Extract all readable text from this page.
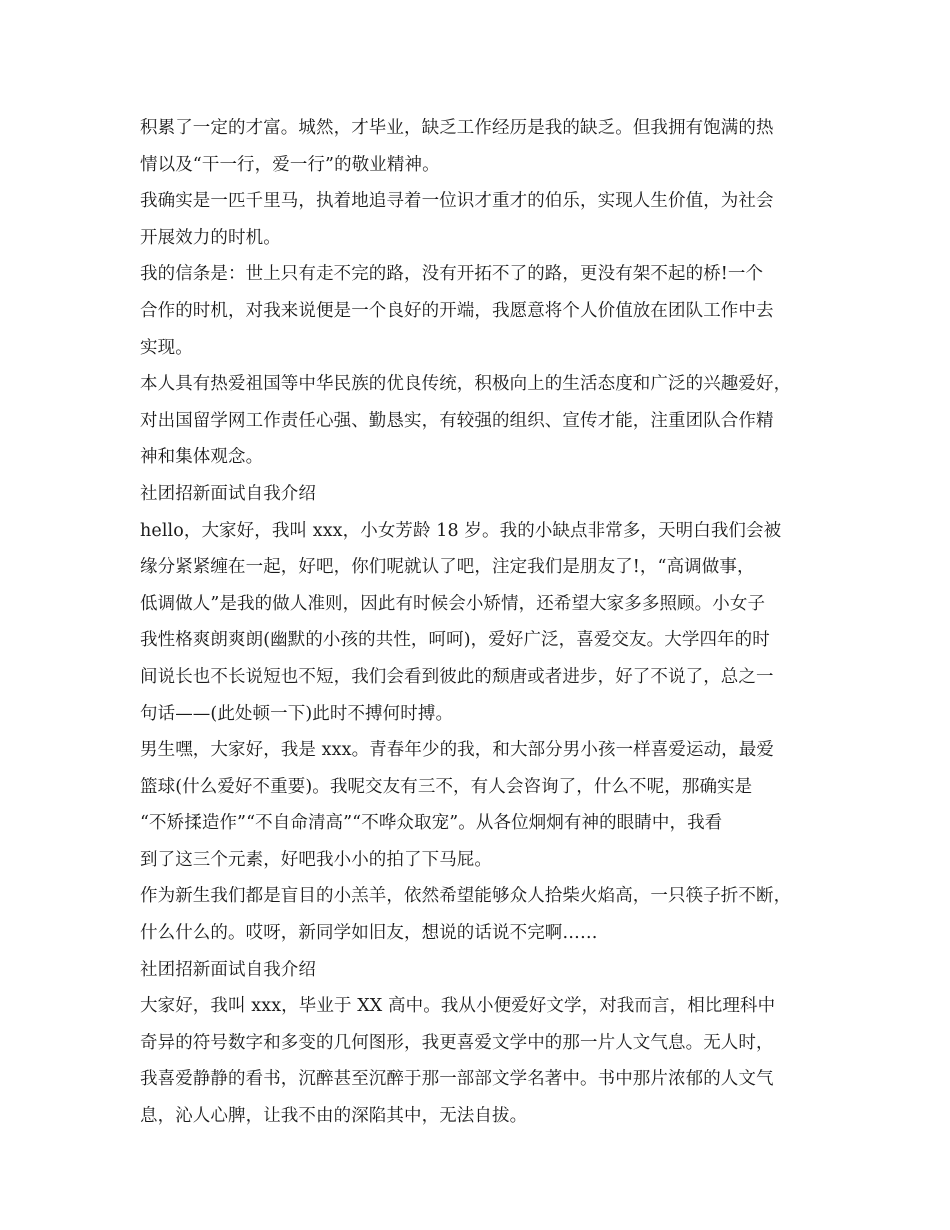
积累了一定的才富。城然，才毕业，缺乏工作经历是我的缺乏。但我拥有饱满的热
情以及“干一行，爱一行”的敬业精神。
我确实是一匹千里马，执着地追寻着一位识才重才的伯乐，实现人生价值，为社会
开展效力的时机。
我的信条是：世上只有走不完的路，没有开拓不了的路，更没有架不起的桥!一个
合作的时机，对我来说便是一个良好的开端，我愿意将个人价值放在团队工作中去
实现。
本人具有热爱祖国等中华民族的优良传统，积极向上的生活态度和广泛的兴趣爱好，
对出国留学网工作责任心强、勤恳实，有较强的组织、宣传才能，注重团队合作精
神和集体观念。
社团招新面试自我介绍
hello，大家好，我叫 xxx，小女芳龄 18 岁。我的小缺点非常多，天明白我们会被
缘分紧紧缠在一起，好吧，你们呢就认了吧，注定我们是朋友了!，“高调做事，
低调做人”是我的做人准则，因此有时候会小矫情，还希望大家多多照顾。小女子
我性格爽朗爽朗(幽默的小孩的共性，呵呵)，爱好广泛，喜爱交友。大学四年的时
间说长也不长说短也不短，我们会看到彼此的颓唐或者进步，好了不说了，总之一
句话——(此处顿一下)此时不搏何时搏。
男生嘿，大家好，我是 xxx。青春年少的我，和大部分男小孩一样喜爱运动，最爱
篮球(什么爱好不重要)。我呢交友有三不，有人会咨询了，什么不呢，那确实是
“不矫揉造作”“不自命清高”“不哗众取宠”。从各位炯炯有神的眼睛中，我看
到了这三个元素，好吧我小小的拍了下马屁。
作为新生我们都是盲目的小羔羊，依然希望能够众人拾柴火焰高，一只筷子折不断，
什么什么的。哎呀，新同学如旧友，想说的话说不完啊……
社团招新面试自我介绍
大家好，我叫 xxx，毕业于 XX 高中。我从小便爱好文学，对我而言，相比理科中
奇异的符号数字和多变的几何图形，我更喜爱文学中的那一片人文气息。无人时，
我喜爱静静的看书，沉醉甚至沉醉于那一部部文学名著中。书中那片浓郁的人文气
息，沁人心脾，让我不由的深陷其中，无法自拔。
